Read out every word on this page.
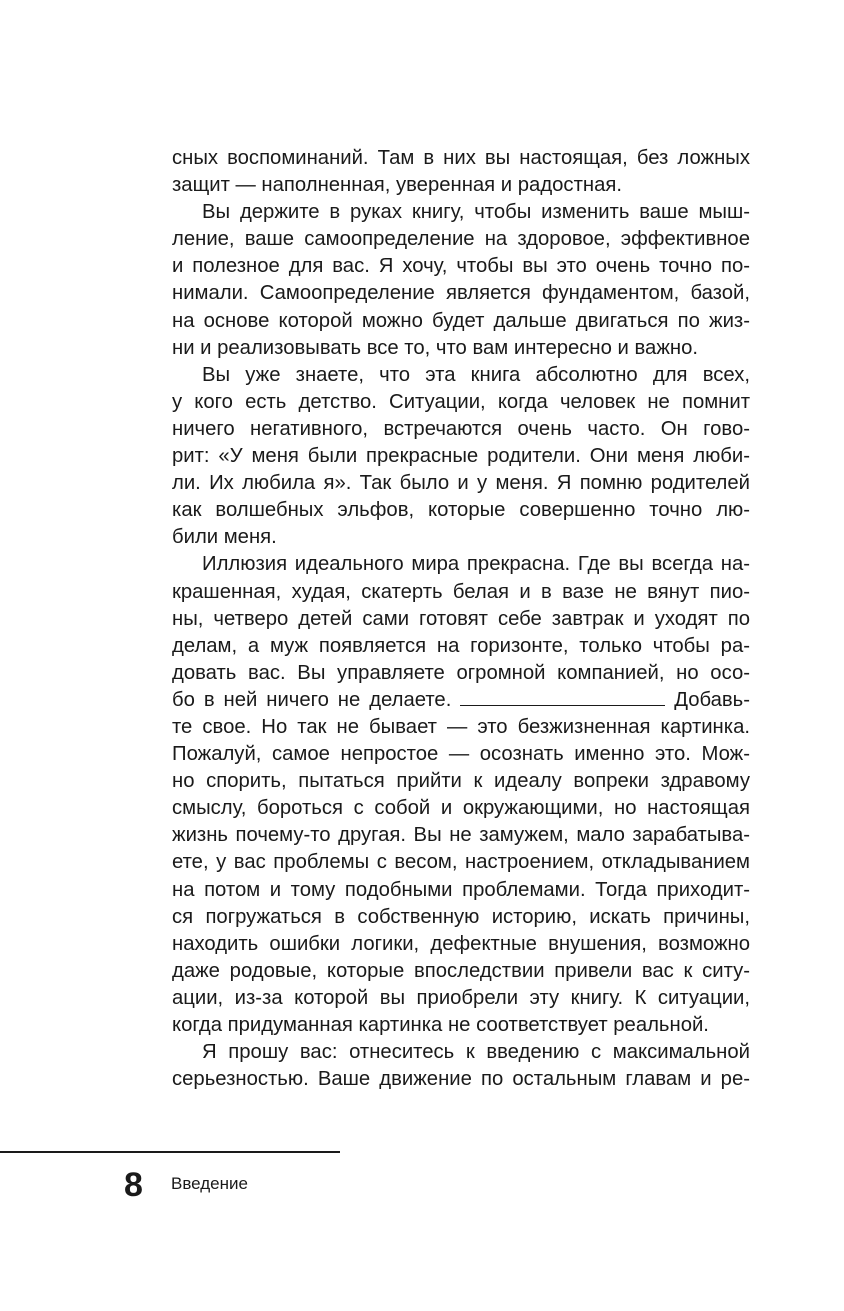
сных воспоминаний. Там в них вы настоящая, без ложных
защит — наполненная, уверенная и радостная.
Вы держите в руках книгу, чтобы изменить ваше мыш-
ление, ваше самоопределение на здоровое, эффективное
и полезное для вас. Я хочу, чтобы вы это очень точно по-
нимали. Самоопределение является фундаментом, базой,
на основе которой можно будет дальше двигаться по жиз-
ни и реализовывать все то, что вам интересно и важно.
Вы уже знаете, что эта книга абсолютно для всех,
у кого есть детство. Ситуации, когда человек не помнит
ничего негативного, встречаются очень часто. Он гово-
рит: «У меня были прекрасные родители. Они меня люби-
ли. Их любила я». Так было и у меня. Я помню родителей
как волшебных эльфов, которые совершенно точно лю-
били меня.
Иллюзия идеального мира прекрасна. Где вы всегда на-
крашенная, худая, скатерть белая и в вазе не вянут пио-
ны, четверо детей сами готовят себе завтрак и уходят по
делам, а муж появляется на горизонте, только чтобы ра-
довать вас. Вы управляете огромной компанией, но осо-
бо в ней ничего не делаете.	Добавь-
те свое. Но так не бывает — это безжизненная картинка.
Пожалуй, самое непростое — осознать именно это. Мож-
но спорить, пытаться прийти к идеалу вопреки здравому
смыслу, бороться с собой и окружающими, но настоящая
жизнь почему-то другая. Вы не замужем, мало зарабатыва-
ете, у вас проблемы с весом, настроением, откладыванием
на потом и тому подобными проблемами. Тогда приходит-
ся погружаться в собственную историю, искать причины,
находить ошибки логики, дефектные внушения, возможно
даже родовые, которые впоследствии привели вас к ситу-
ации, из-за которой вы приобрели эту книгу. К ситуации,
когда придуманная картинка не соответствует реальной.
Я прошу вас: отнеситесь к введению с максимальной
серьезностью. Ваше движение по остальным главам и ре-
8 Введение
